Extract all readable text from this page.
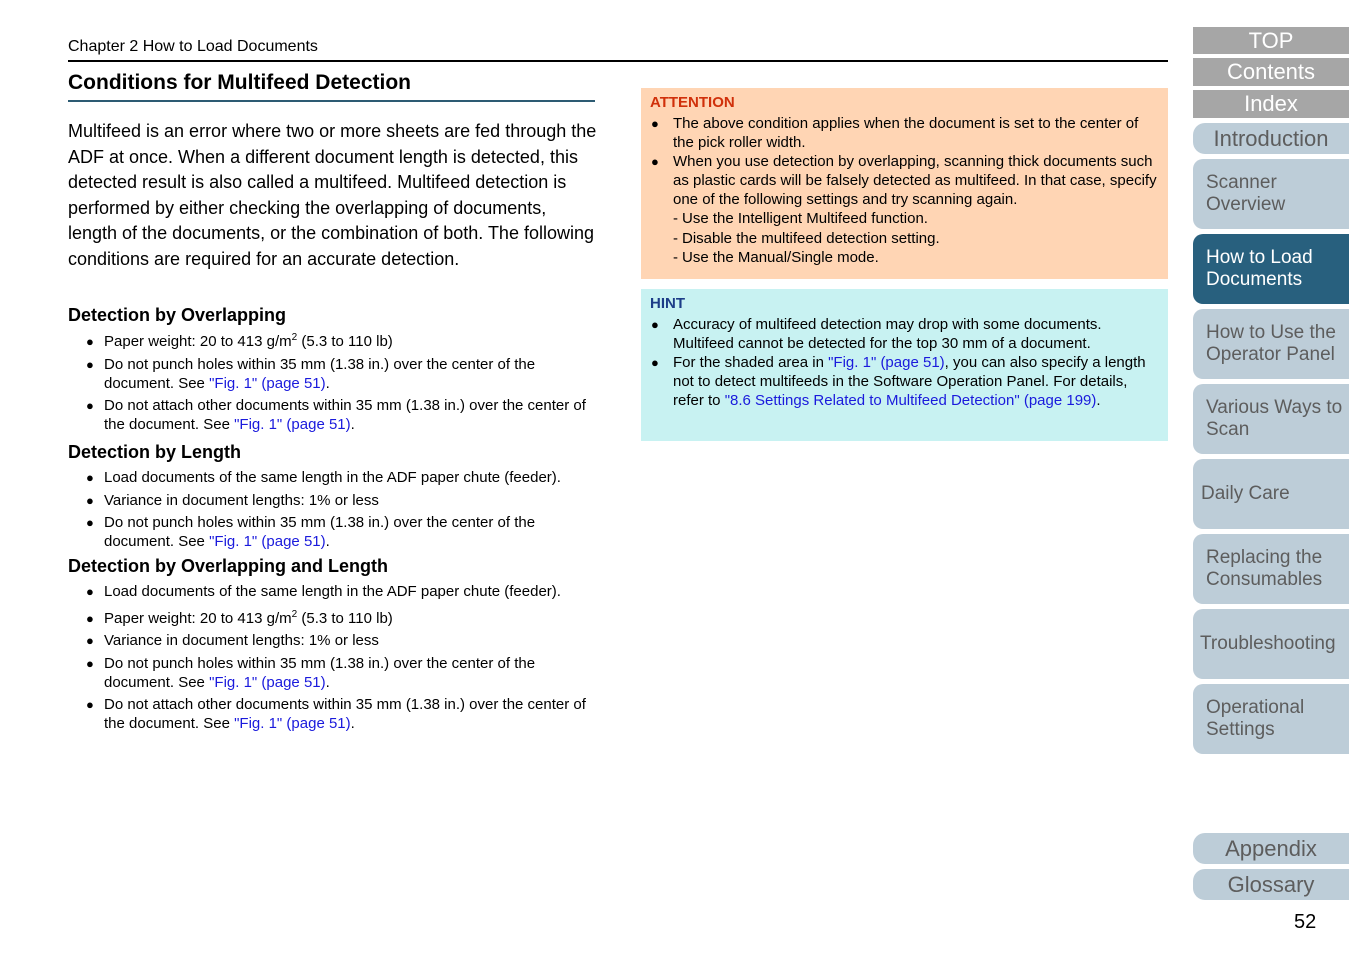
Chapter 2 How to Load Documents
Conditions for Multifeed Detection
Multifeed is an error where two or more sheets are fed through the ADF at once. When a different document length is detected, this detected result is also called a multifeed. Multifeed detection is performed by either checking the overlapping of documents, length of the documents, or the combination of both. The following conditions are required for an accurate detection.
Detection by Overlapping
● Paper weight: 20 to 413 $g/m^2$ (5.3 to 110 lb)
● Do not punch holes within 35 mm (1.38 in.) over the center of the document. See "Fig. 1" (page 51).
● Do not attach other documents within 35 mm (1.38 in.) over the center of the document. See "Fig. 1" (page 51).
Detection by Length
● Load documents of the same length in the ADF paper chute (feeder).
● Variance in document lengths: 1% or less
● Do not punch holes within 35 mm (1.38 in.) over the center of the document. See "Fig. 1" (page 51).
Detection by Overlapping and Length
● Load documents of the same length in the ADF paper chute (feeder).
● Paper weight: 20 to 413 $g/m^2$ (5.3 to 110 lb)
● Variance in document lengths: 1% or less
● Do not punch holes within 35 mm (1.38 in.) over the center of the document. See "Fig. 1" (page 51).
● Do not attach other documents within 35 mm (1.38 in.) over the center of the document. See "Fig. 1" (page 51).
ATTENTION
● The above condition applies when the document is set to the center of the pick roller width.
● When you use detection by overlapping, scanning thick documents such as plastic cards will be falsely detected as multifeed. In that case, specify one of the following settings and try scanning again.
- Use the Intelligent Multifeed function.
- Disable the multifeed detection setting.
- Use the Manual/Single mode.
HINT
● Accuracy of multifeed detection may drop with some documents. Multifeed cannot be detected for the top 30 mm of a document.
● For the shaded area in "Fig. 1" (page 51), you can also specify a length not to detect multifeeds in the Software Operation Panel. For details, refer to "8.6 Settings Related to Multifeed Detection" (page 199).
TOP
Contents
Index
Introduction
Scanner Overview
How to Load Documents
How to Use the Operator Panel
Various Ways to Scan
Daily Care
Replacing the Consumables
Troubleshooting
Operational Settings
Appendix
Glossary
52
